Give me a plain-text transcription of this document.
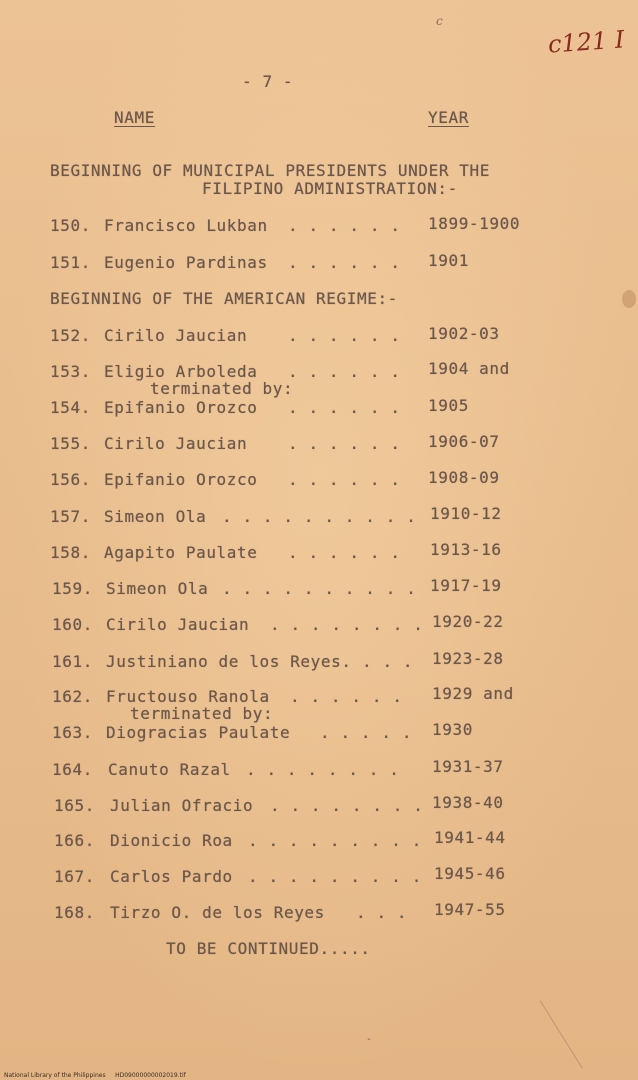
c

c121 I

- 7 -

NAME	YEAR

BEGINNING OF MUNICIPAL PRESIDENTS UNDER THE

FILIPINO ADMINISTRATION:-

150. Francisco Lukban . . . . . . 1899-1900

151. Eugenio Pardinas . . . . . . 1901

BEGINNING OF THE AMERICAN REGIME:-

152. Cirilo Jaucian	. . . . . . 1902-03

153. Eligio Arboleda . . . . . . 1904 and

terminated by:

154. Epifanio Orozco . . . . . . 1905

155. Cirilo Jaucian	. . . . . . 1906-07

156. Epifanio Orozco . . . . . . 1908-09

157. Simeon Ola . . . . . . . . . . 1910-12

158. Agapito Paulate . . . . . . 1913-16

159. Simeon Ola . . . . . . . . . . 1917-19

160. Cirilo Jaucian . . . . . . . . 1920-22

161. Justiniano de los Reyes. . . . 1923-28

162. Fructouso Ranola . . . . . . 1929 and

terminated by:

163. Diogracias Paulate . . . . . 1930

164. Canuto Razal . . . . . . . . 1931-37

165. Julian Ofracio . . . . . . . . 1938-40

166. Dionicio Roa . . . . . . . . . 1941-44

167. Carlos Pardo . . . . . . . . . 1945-46

168. Tirzo O. de los Reyes . . . 1947-55

TO BE CONTINUED.....

-

National Library of the Philippines     HD09000000002019.tif
